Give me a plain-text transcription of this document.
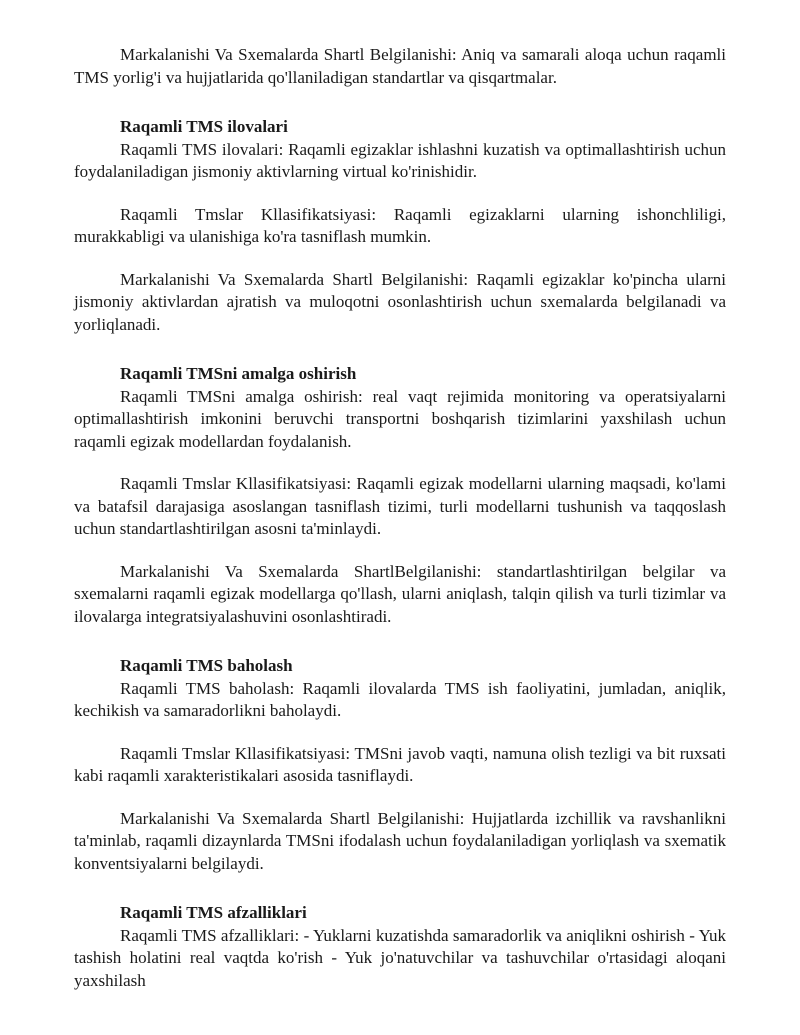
Markalanishi Va Sxemalarda Shartl Belgilanishi: Aniq va samarali aloqa uchun raqamli TMS yorlig'i va hujjatlarida qo'llaniladigan standartlar va qisqartmalar.

Raqamli TMS ilovalari

Raqamli TMS ilovalari: Raqamli egizaklar ishlashni kuzatish va optimallashtirish uchun foydalaniladigan jismoniy aktivlarning virtual ko'rinishidir.

Raqamli Tmslar Kllasifikatsiyasi: Raqamli egizaklarni ularning ishonchliligi, murakkabligi va ulanishiga ko'ra tasniflash mumkin.

Markalanishi Va Sxemalarda Shartl Belgilanishi: Raqamli egizaklar ko'pincha ularni jismoniy aktivlardan ajratish va muloqotni osonlashtirish uchun sxemalarda belgilanadi va yorliqlanadi.

Raqamli TMSni amalga oshirish

Raqamli TMSni amalga oshirish: real vaqt rejimida monitoring va operatsiyalarni optimallashtirish imkonini beruvchi transportni boshqarish tizimlarini yaxshilash uchun raqamli egizak modellardan foydalanish.

Raqamli Tmslar Kllasifikatsiyasi: Raqamli egizak modellarni ularning maqsadi, ko'lami va batafsil darajasiga asoslangan tasniflash tizimi, turli modellarni tushunish va taqqoslash uchun standartlashtirilgan asosni ta'minlaydi.

Markalanishi Va Sxemalarda ShartlBelgilanishi: standartlashtirilgan belgilar va sxemalarni raqamli egizak modellarga qo'llash, ularni aniqlash, talqin qilish va turli tizimlar va ilovalarga integratsiyalashuvini osonlashtiradi.

Raqamli TMS baholash

Raqamli TMS baholash: Raqamli ilovalarda TMS ish faoliyatini, jumladan, aniqlik, kechikish va samaradorlikni baholaydi.

Raqamli Tmslar Kllasifikatsiyasi: TMSni javob vaqti, namuna olish tezligi va bit ruxsati kabi raqamli xarakteristikalari asosida tasniflaydi.

Markalanishi Va Sxemalarda Shartl Belgilanishi: Hujjatlarda izchillik va ravshanlikni ta'minlab, raqamli dizaynlarda TMSni ifodalash uchun foydalaniladigan yorliqlash va sxematik konventsiyalarni belgilaydi.

Raqamli TMS afzalliklari

Raqamli TMS afzalliklari: - Yuklarni kuzatishda samaradorlik va aniqlikni oshirish - Yuk tashish holatini real vaqtda ko'rish - Yuk jo'natuvchilar va tashuvchilar o'rtasidagi aloqani yaxshilash
